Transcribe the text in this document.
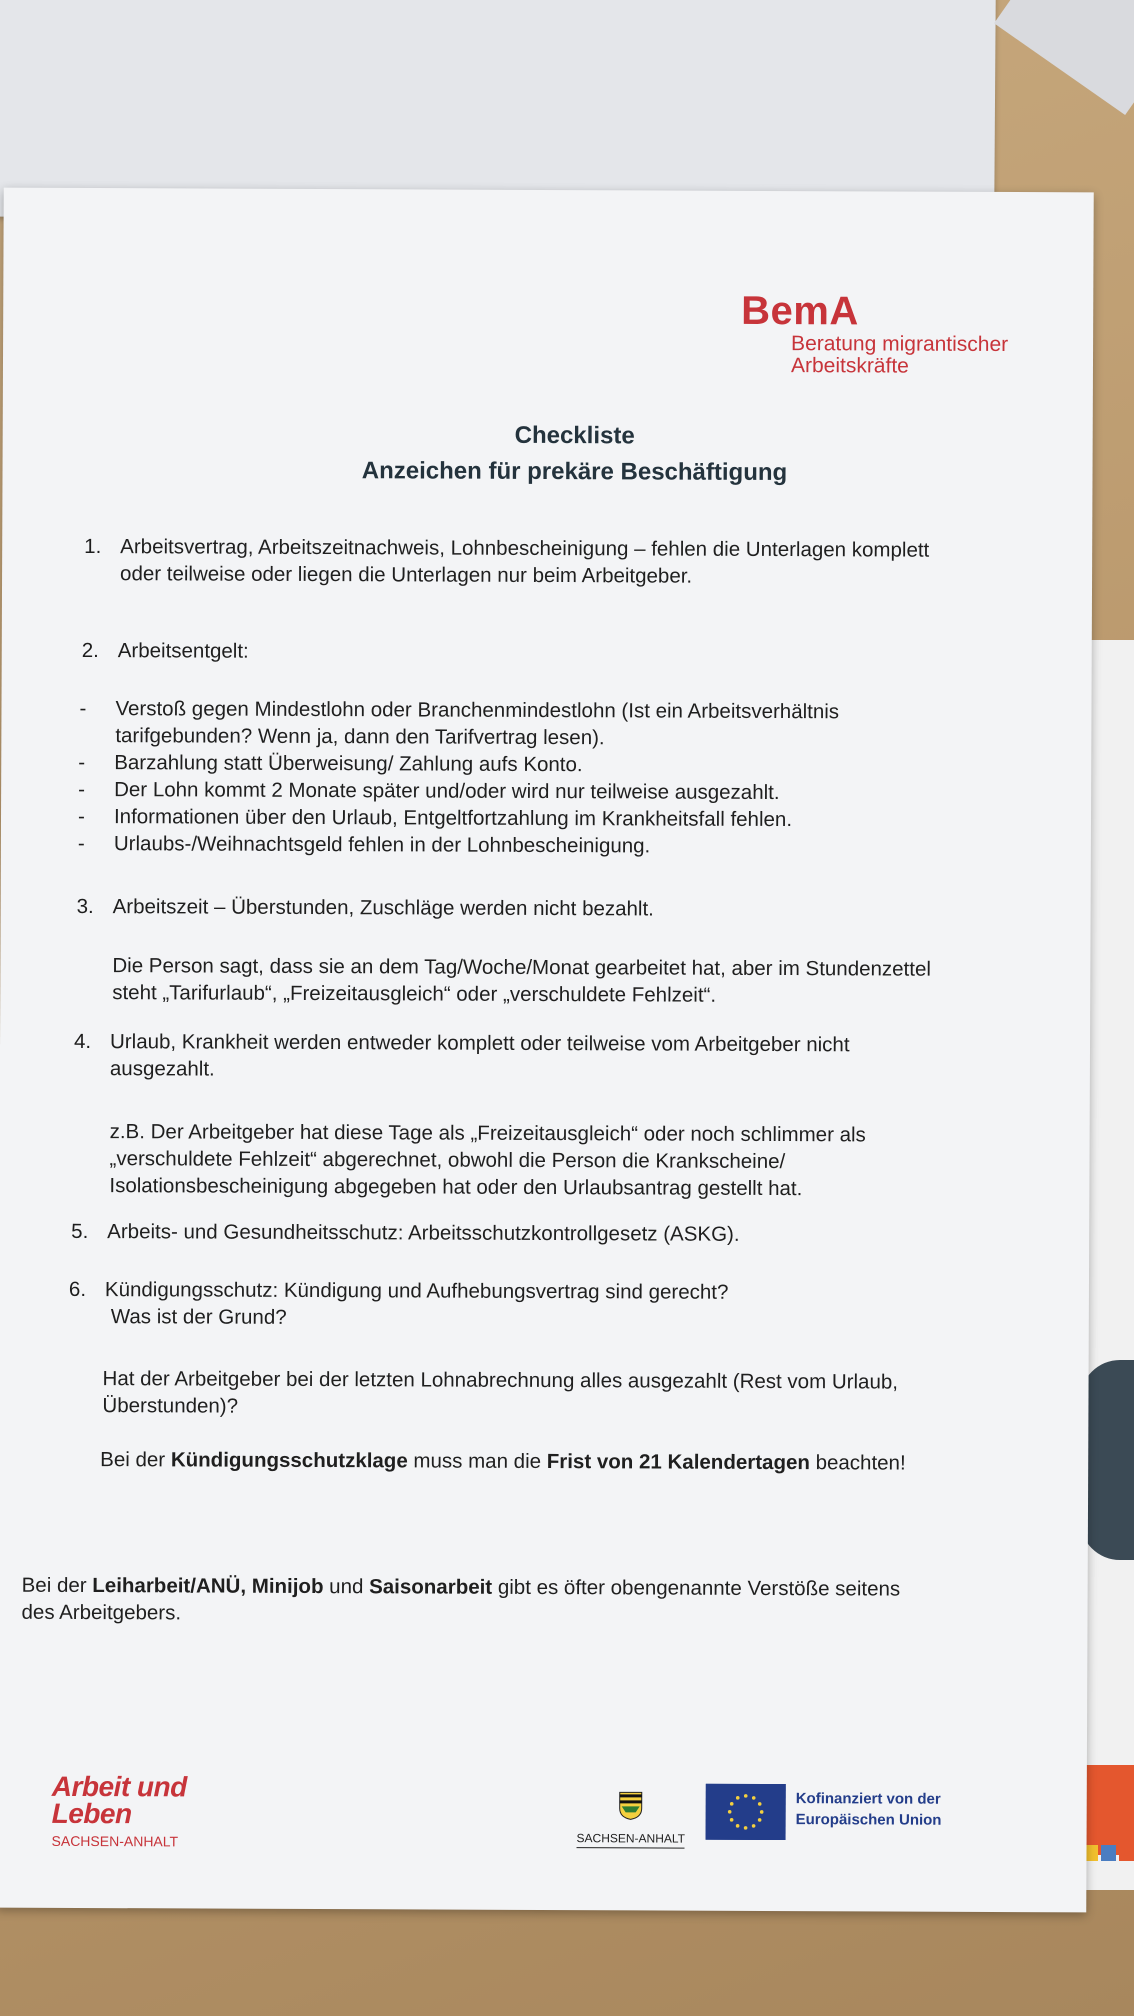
BemA
Beratung migrantischer
Arbeitskräfte
Checkliste
Anzeichen für prekäre Beschäftigung
1. Arbeitsvertrag, Arbeitszeitnachweis, Lohnbescheinigung – fehlen die Unterlagen komplett
oder teilweise oder liegen die Unterlagen nur beim Arbeitgeber.
2. Arbeitsentgelt:
- Verstoß gegen Mindestlohn oder Branchenmindestlohn (Ist ein Arbeitsverhältnis
tarifgebunden? Wenn ja, dann den Tarifvertrag lesen).
- Barzahlung statt Überweisung/ Zahlung aufs Konto.
- Der Lohn kommt 2 Monate später und/oder wird nur teilweise ausgezahlt.
- Informationen über den Urlaub, Entgeltfortzahlung im Krankheitsfall fehlen.
- Urlaubs-/Weihnachtsgeld fehlen in der Lohnbescheinigung.
3. Arbeitszeit – Überstunden, Zuschläge werden nicht bezahlt.
Die Person sagt, dass sie an dem Tag/Woche/Monat gearbeitet hat, aber im Stundenzettel
steht „Tarifurlaub“, „Freizeitausgleich“ oder „verschuldete Fehlzeit“.
4. Urlaub, Krankheit werden entweder komplett oder teilweise vom Arbeitgeber nicht
ausgezahlt.
z.B. Der Arbeitgeber hat diese Tage als „Freizeitausgleich“ oder noch schlimmer als
„verschuldete Fehlzeit“ abgerechnet, obwohl die Person die Krankscheine/
Isolationsbescheinigung abgegeben hat oder den Urlaubsantrag gestellt hat.
5. Arbeits- und Gesundheitsschutz: Arbeitsschutzkontrollgesetz (ASKG).
6. Kündigungsschutz: Kündigung und Aufhebungsvertrag sind gerecht?
Was ist der Grund?
Hat der Arbeitgeber bei der letzten Lohnabrechnung alles ausgezahlt (Rest vom Urlaub,
Überstunden)?
Bei der Kündigungsschutzklage muss man die Frist von 21 Kalendertagen beachten!
Bei der Leiharbeit/ANÜ, Minijob und Saisonarbeit gibt es öfter obengenannte Verstöße seitens
des Arbeitgebers.
Arbeit und
Leben
SACHSEN-ANHALT	SACHSEN-ANHALT
Kofinanziert von der
Europäischen Union
